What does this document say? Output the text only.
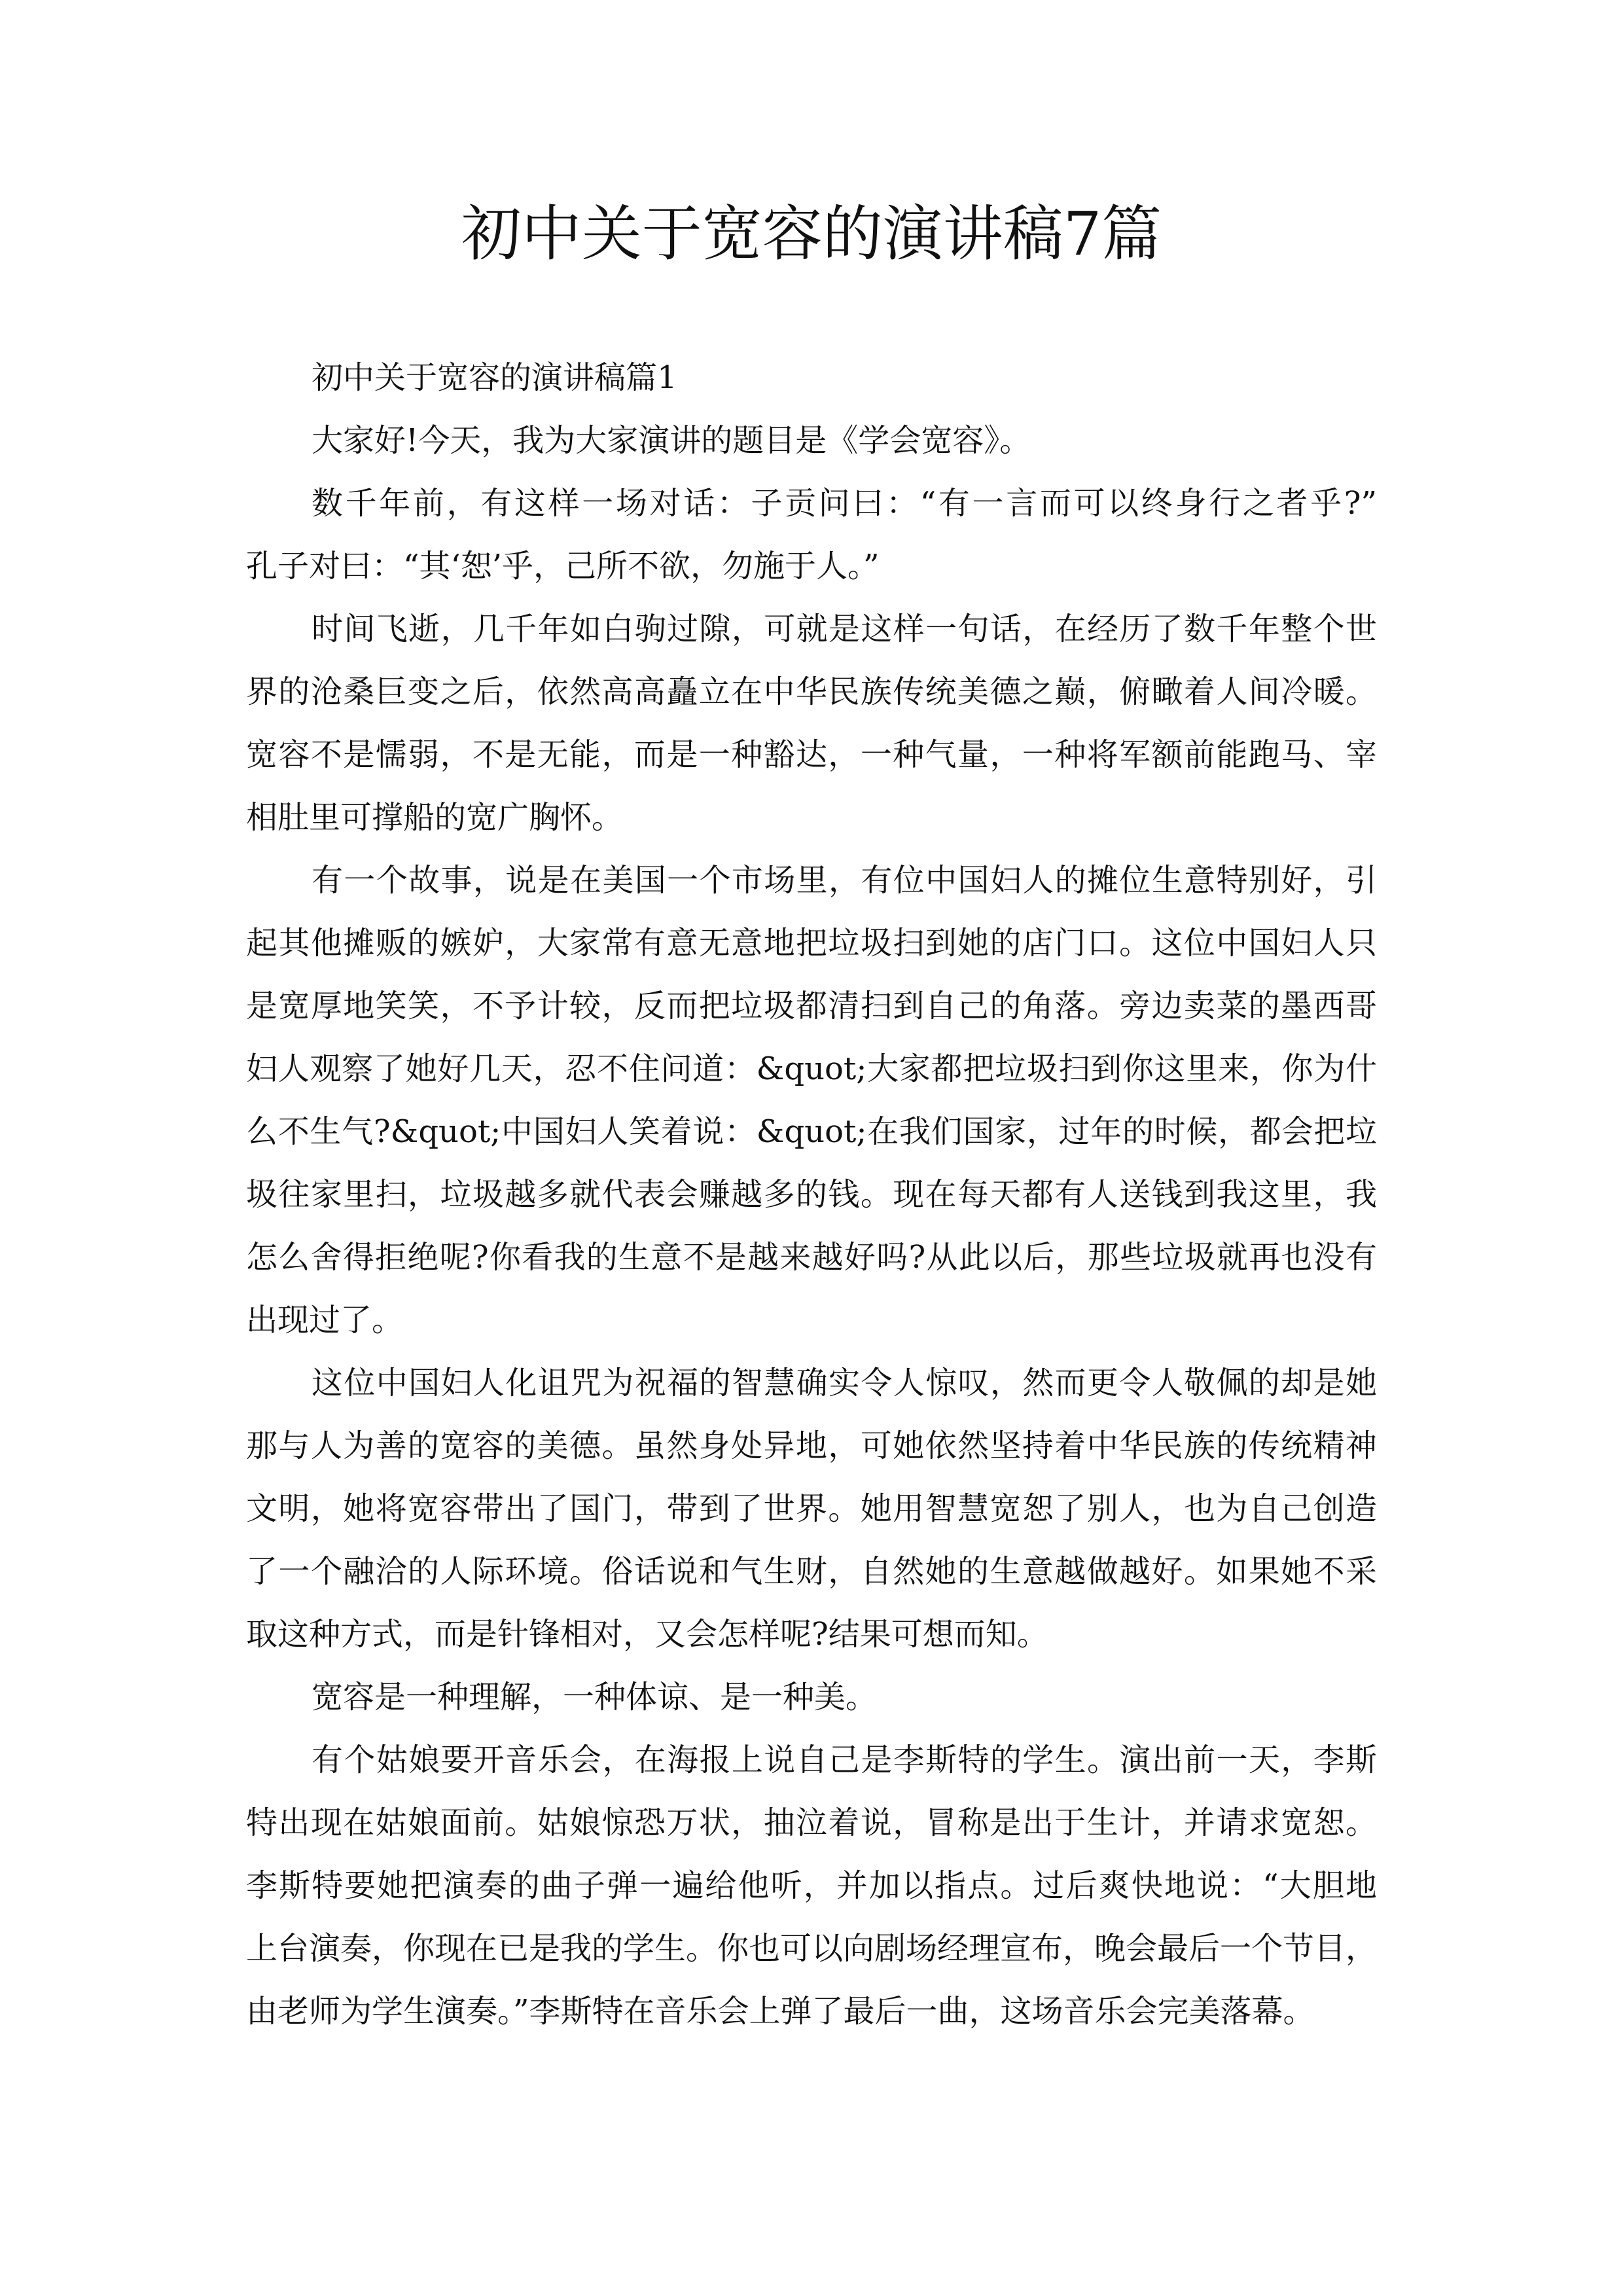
初中关于宽容的演讲稿7篇
初中关于宽容的演讲稿篇1
大家好!今天，我为大家演讲的题目是《学会宽容》。
数千年前，有这样一场对话：子贡问曰：“有一言而可以终身行之者乎?”
孔子对曰：“其‘恕’乎，己所不欲，勿施于人。”
时间飞逝，几千年如白驹过隙，可就是这样一句话，在经历了数千年整个世
界的沧桑巨变之后，依然高高矗立在中华民族传统美德之巅，俯瞰着人间冷暖。
宽容不是懦弱，不是无能，而是一种豁达，一种气量，一种将军额前能跑马、宰
相肚里可撑船的宽广胸怀。
有一个故事，说是在美国一个市场里，有位中国妇人的摊位生意特别好，引
起其他摊贩的嫉妒，大家常有意无意地把垃圾扫到她的店门口。这位中国妇人只
是宽厚地笑笑，不予计较，反而把垃圾都清扫到自己的角落。旁边卖菜的墨西哥
妇人观察了她好几天，忍不住问道：&quot;大家都把垃圾扫到你这里来，你为什
么不生气?&quot;中国妇人笑着说：&quot;在我们国家，过年的时候，都会把垃
圾往家里扫，垃圾越多就代表会赚越多的钱。现在每天都有人送钱到我这里，我
怎么舍得拒绝呢?你看我的生意不是越来越好吗?从此以后，那些垃圾就再也没有
出现过了。
这位中国妇人化诅咒为祝福的智慧确实令人惊叹，然而更令人敬佩的却是她
那与人为善的宽容的美德。虽然身处异地，可她依然坚持着中华民族的传统精神
文明，她将宽容带出了国门，带到了世界。她用智慧宽恕了别人，也为自己创造
了一个融洽的人际环境。俗话说和气生财，自然她的生意越做越好。如果她不采
取这种方式，而是针锋相对，又会怎样呢?结果可想而知。
宽容是一种理解，一种体谅、是一种美。
有个姑娘要开音乐会，在海报上说自己是李斯特的学生。演出前一天，李斯
特出现在姑娘面前。姑娘惊恐万状，抽泣着说，冒称是出于生计，并请求宽恕。
李斯特要她把演奏的曲子弹一遍给他听，并加以指点。过后爽快地说：“大胆地
上台演奏，你现在已是我的学生。你也可以向剧场经理宣布，晚会最后一个节目，
由老师为学生演奏。”李斯特在音乐会上弹了最后一曲，这场音乐会完美落幕。
